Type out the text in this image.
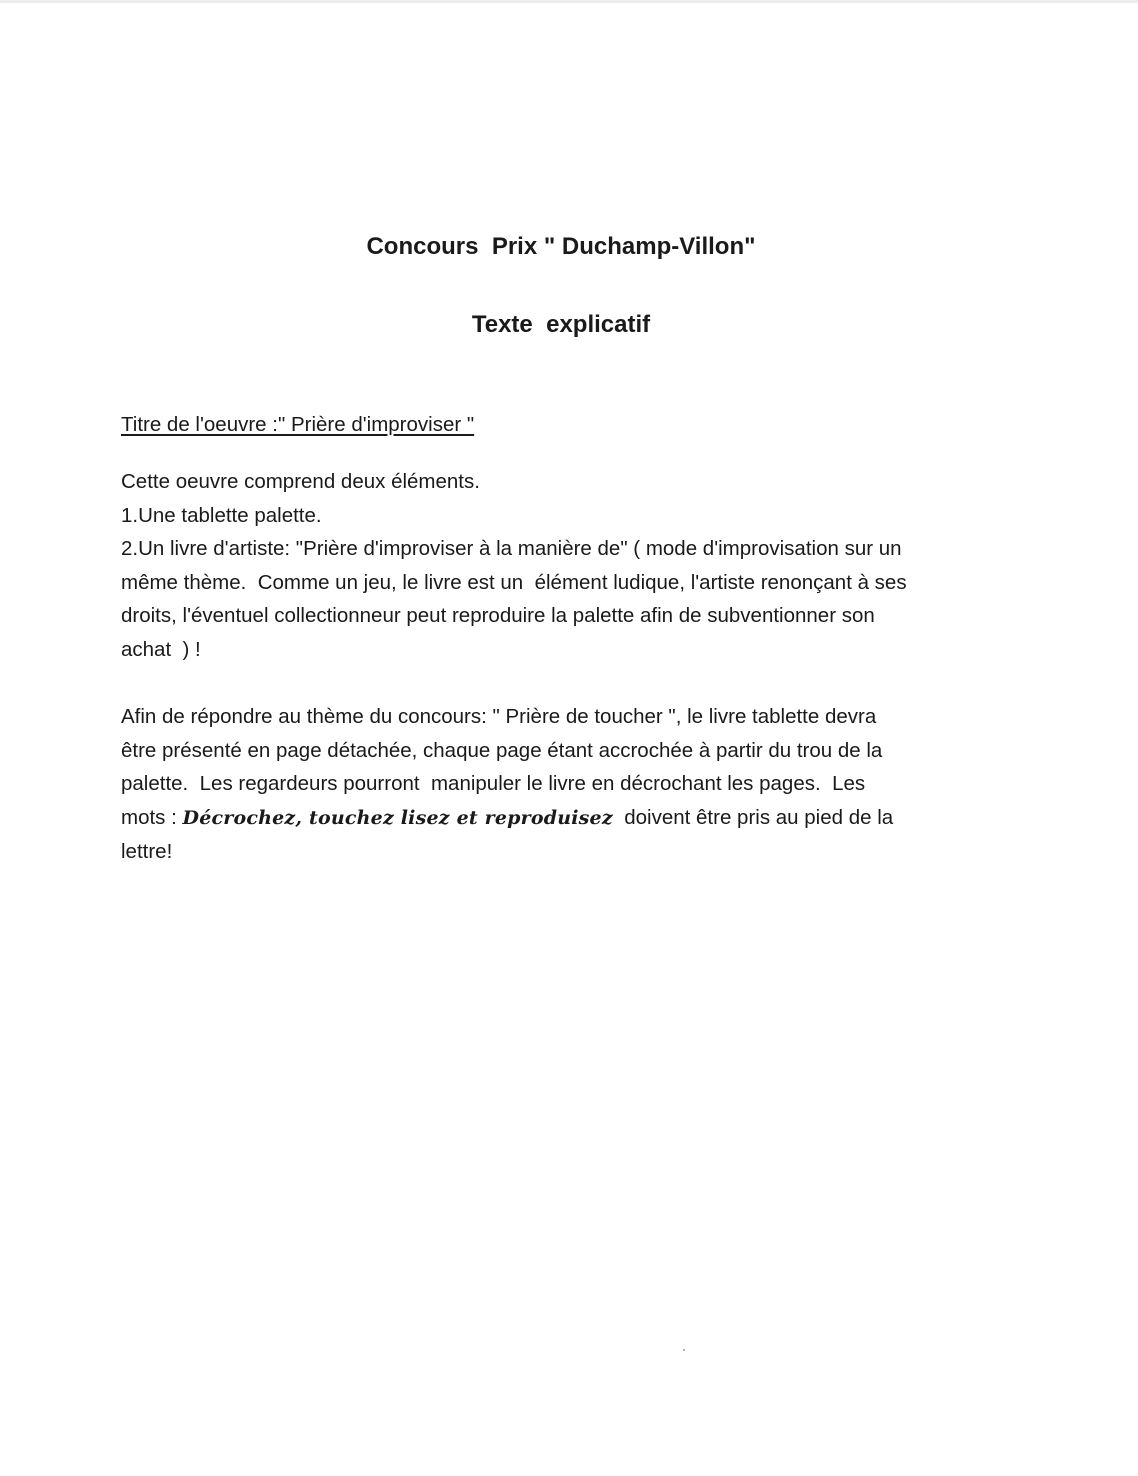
Concours  Prix " Duchamp-Villon"
Texte  explicatif

Titre de l'oeuvre :" Prière d'improviser "

Cette oeuvre comprend deux éléments.
1.Une tablette palette.
2.Un livre d'artiste: "Prière d'improviser à la manière de" ( mode d'improvisation sur un
même thème.  Comme un jeu, le livre est un  élément ludique, l'artiste renonçant à ses
droits, l'éventuel collectionneur peut reproduire la palette afin de subventionner son
achat  ) !
Afin de répondre au thème du concours: " Prière de toucher ", le livre tablette devra
être présenté en page détachée, chaque page étant accrochée à partir du trou de la
palette.  Les regardeurs pourront  manipuler le livre en décrochant les pages.  Les
mots : Décrochez, touchez lisez et reproduisez  doivent être pris au pied de la
lettre!
